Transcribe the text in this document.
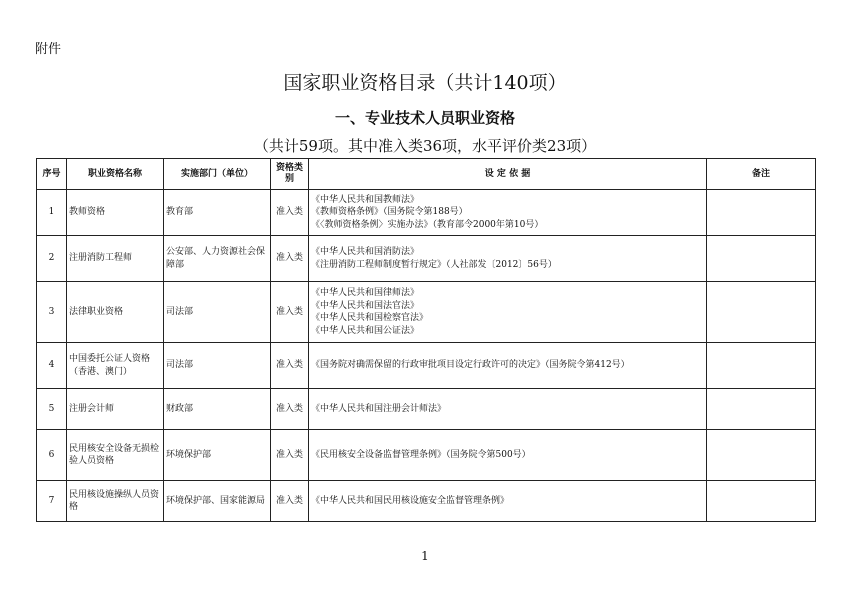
附件
国家职业资格目录（共计140项）
一、专业技术人员职业资格
（共计59项。其中准入类36项，水平评价类23项）
序号	职业资格名称	实施部门（单位）	资格类别	设 定 依 据	备注
1	教师资格	教育部	准入类	《中华人民共和国教师法》
《教师资格条例》（国务院令第188号）
《〈教师资格条例〉实施办法》（教育部令2000年第10号）	

2	注册消防工程师	公安部、人力资源社会保障部	准入类	《中华人民共和国消防法》
《注册消防工程师制度暂行规定》（人社部发〔2012〕56号）	

3	法律职业资格	司法部	准入类	《中华人民共和国律师法》
《中华人民共和国法官法》
《中华人民共和国检察官法》
《中华人民共和国公证法》	

4	中国委托公证人资格（香港、澳门）	司法部	准入类	《国务院对确需保留的行政审批项目设定行政许可的决定》（国务院令第412号）	

5	注册会计师	财政部	准入类	《中华人民共和国注册会计师法》	

6	民用核安全设备无损检验人员资格	环境保护部	准入类	《民用核安全设备监督管理条例》（国务院令第500号）	

7	民用核设施操纵人员资格	环境保护部、国家能源局	准入类	《中华人民共和国民用核设施安全监督管理条例》	

1
